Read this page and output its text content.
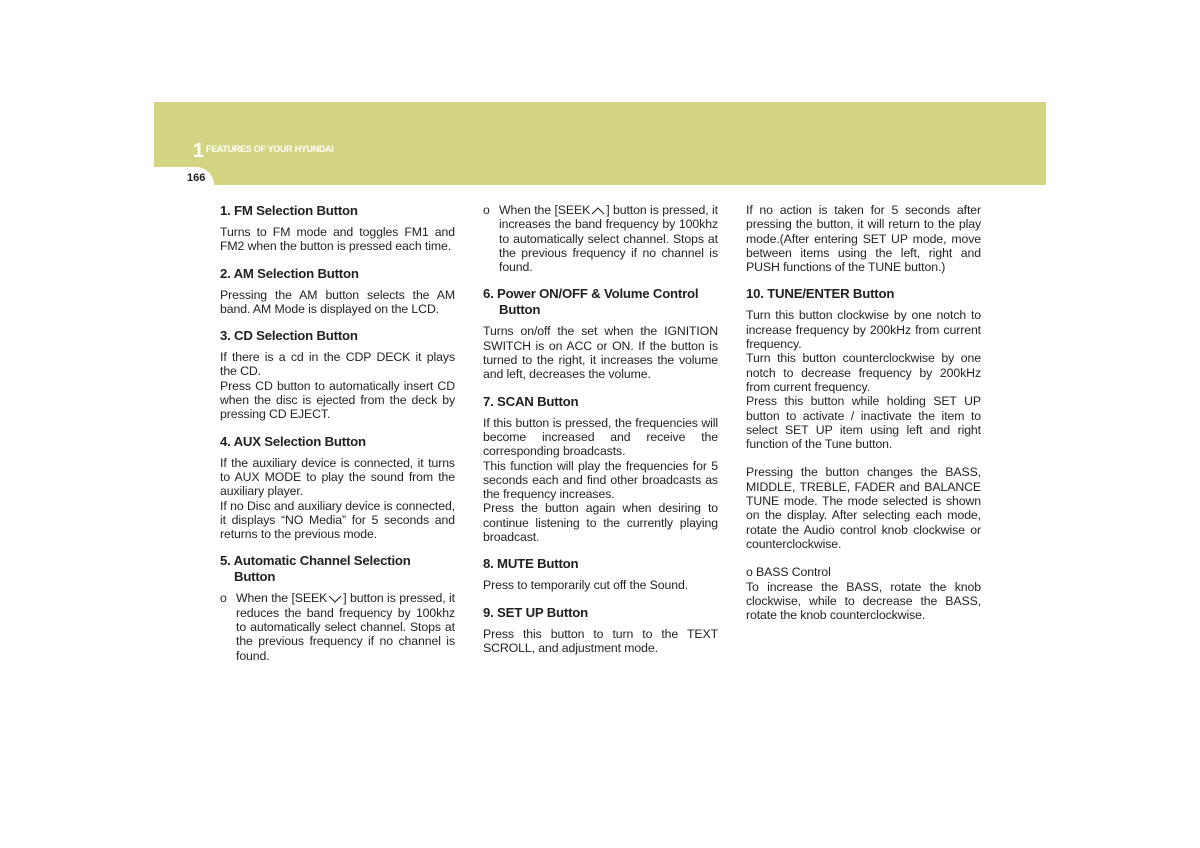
1 FEATURES OF YOUR HYUNDAI
166
1. FM Selection Button

Turns to FM mode and toggles FM1 and FM2 when the button is pressed each time.

2. AM Selection Button

Pressing the AM button selects the AM band. AM Mode is displayed on the LCD.

3. CD Selection Button

If there is a cd in the CDP DECK it plays the CD.

Press CD button to automatically insert CD when the disc is ejected from the deck by pressing CD EJECT.

4. AUX Selection Button

If the auxiliary device is connected, it turns to AUX MODE to play the sound from the auxiliary player.

If no Disc and auxiliary device is connected, it displays “NO Media” for 5 seconds and returns to the previous mode.

5. Automatic Channel Selection Button
o When the [SEEK ] button is pressed, it reduces the band frequency by 100khz to automatically select channel. Stops at the previous frequency if no channel is found.

o When the [SEEK ] button is pressed, it increases the band frequency by 100khz to automatically select channel. Stops at the previous frequency if no channel is found.

6. Power ON/OFF & Volume Control Button

Turns on/off the set when the IGNITION SWITCH is on ACC or ON. If the button is turned to the right, it increases the volume and left, decreases the volume.

7. SCAN Button

If this button is pressed, the frequencies will become increased and receive the corresponding broadcasts.

This function will play the frequencies for 5 seconds each and find other broadcasts as the frequency increases.

Press the button again when desiring to continue listening to the currently playing broadcast.

8. MUTE Button

Press to temporarily cut off the Sound.

9. SET UP Button

Press this button to turn to the TEXT SCROLL, and adjustment mode.

If no action is taken for 5 seconds after pressing the button, it will return to the play mode.(After entering SET UP mode, move between items using the left, right and PUSH functions of the TUNE button.)

10. TUNE/ENTER Button

Turn this button clockwise by one notch to increase frequency by 200kHz from current frequency.

Turn this button counterclockwise by one notch to decrease frequency by 200kHz from current frequency.

Press this button while holding SET UP button to activate / inactivate the item to select SET UP item using left and right function of the Tune button.

Pressing the button changes the BASS, MIDDLE, TREBLE, FADER and BALANCE TUNE mode. The mode selected is shown on the display. After selecting each mode, rotate the Audio control knob clockwise or counterclockwise.

o BASS Control

To increase the BASS, rotate the knob clockwise, while to decrease the BASS, rotate the knob counterclockwise.
